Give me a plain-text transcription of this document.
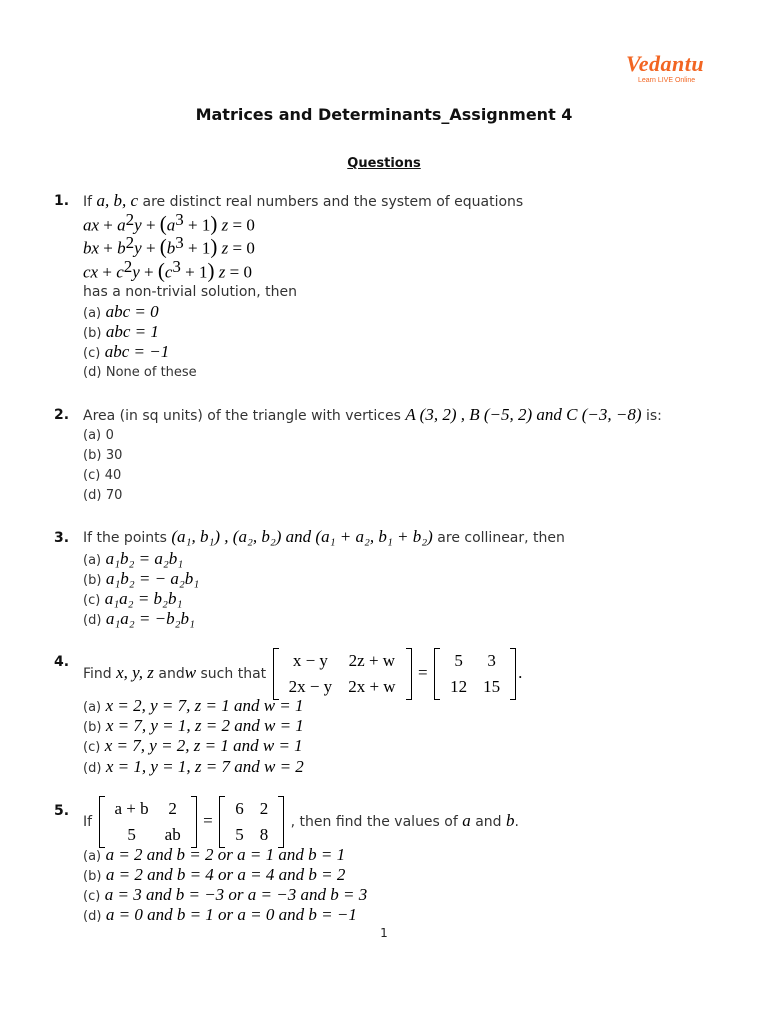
Vedantu
Learn LIVE Online
Matrices and Determinants_Assignment 4
Questions
1. If a, b, c are distinct real numbers and the system of equations
ax + $a^2y + (a^3 + 1) z = 0$
bx + $b^2y + (b^3 + 1) z = 0$
cx + $c^2y + (c^3 + 1) z = 0$
has a non-trivial solution, then
(a) abc = 0
(b) abc = 1
(c) abc = −1
(d) None of these
2. Area (in sq units) of the triangle with vertices A (3, 2) , B (−5, 2) and C (−3, −8) is:
(a) 0
(b) 30
(c) 40
(d) 70
3. If the points (a₁, b₁) , (a₂, b₂) and (a₁ + a₂, b₁ + b₂) are collinear, then
(a) a₁b₂ = a₂b₁
(b) a₁b₂ = − a₂b₁
(c) a₁a₂ = b₂b₁
(d) a₁a₂ = −b₂b₁
4.
Find x, y, z andw such that
x − y	2z + w
2x − y	2x + w
=
5	3
12	15
.
(a) x = 2, y = 7, z = 1 and w = 1
(b) x = 7, y = 1, z = 2 and w = 1
(c) x = 7, y = 2, z = 1 and w = 1
(d) x = 1, y = 1, z = 7 and w = 2
5.
If
a + b	2
5	ab
=
6	2
5	8
, then find the values of a and b.
(a) a = 2 and b = 2 or a = 1 and b = 1
(b) a = 2 and b = 4 or a = 4 and b = 2
(c) a = 3 and b = −3 or a = −3 and b = 3
(d) a = 0 and b = 1 or a = 0 and b = −1
1
